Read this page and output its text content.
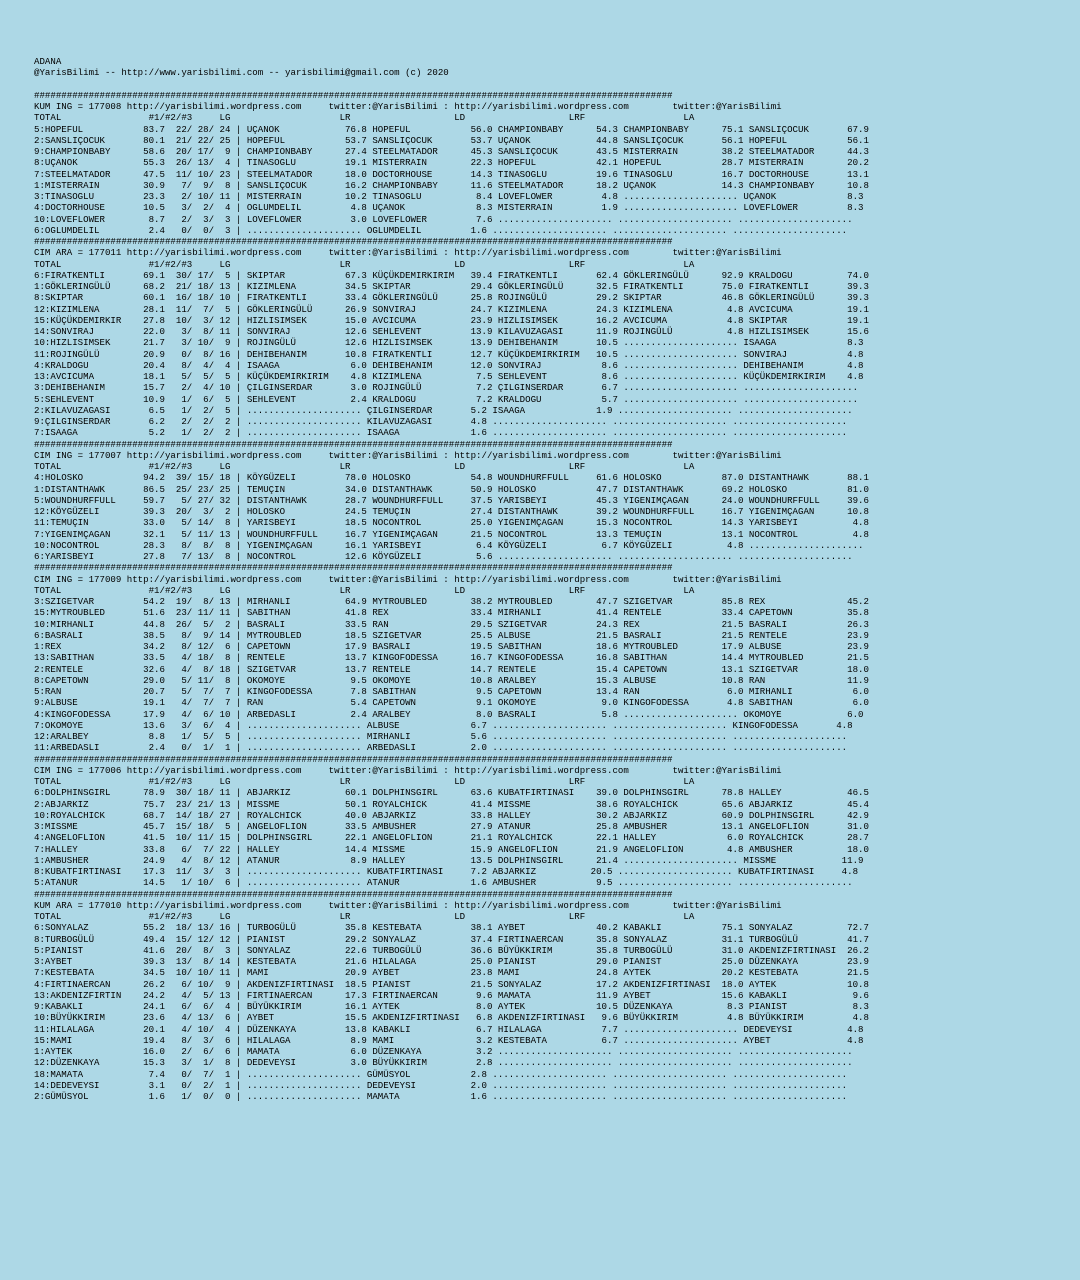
ADANA
@YarisBilimi -- http://www.yarisbilimi.com -- yarisbilimi@gmail.com (c) 2020
#####################################################################################################################
KUM ING = 177008 http://yarisbilimi.wordpress.com     twitter:@YarisBilimi : http://yarisbilimi.wordpress.com        twitter:@YarisBilimi
TOTAL                #1/#2/#3     LG                    LR                   LD                   LRF                  LA
5:HOPEFUL           83.7  22/ 28/ 24 | UÇANOK            76.8 HOPEFUL           56.0 CHAMPIONBABY      54.3 CHAMPIONBABY      75.1 SANSLIÇOCUK       67.9
2:SANSLIÇOCUK       80.1  21/ 22/ 25 | HOPEFUL           53.7 SANSLIÇOCUK       53.7 UÇANOK            44.8 SANSLIÇOCUK       56.1 HOPEFUL           56.1
9:CHAMPIONBABY      58.6  20/ 17/  9 | CHAMPIONBABY      27.4 STEELMATADOR      45.3 SANSLIÇOCUK       43.5 MISTERRAIN        38.2 STEELMATADOR      44.3
8:UÇANOK            55.3  26/ 13/  4 | TINASOGLU         19.1 MISTERRAIN        22.3 HOPEFUL           42.1 HOPEFUL           28.7 MISTERRAIN        20.2
7:STEELMATADOR      47.5  11/ 10/ 23 | STEELMATADOR      18.0 DOCTORHOUSE       14.3 TINASOGLU         19.6 TINASOGLU         16.7 DOCTORHOUSE       13.1
1:MISTERRAIN        30.9   7/  9/  8 | SANSLIÇOCUK       16.2 CHAMPIONBABY      11.6 STEELMATADOR      18.2 UÇANOK            14.3 CHAMPIONBABY      10.8
3:TINASOGLU         23.3   2/ 10/ 11 | MISTERRAIN        10.2 TINASOGLU          8.4 LOVEFLOWER         4.8 ..................... UÇANOK             8.3
4:DOCTORHOUSE       10.5   3/  2/  4 | OGLUMDELIL         4.8 UÇANOK             8.3 MISTERRAIN         1.9 ..................... LOVEFLOWER         8.3
10:LOVEFLOWER        8.7   2/  3/  3 | LOVEFLOWER         3.0 LOVEFLOWER         7.6 ..................... ..................... .....................
6:OGLUMDELIL         2.4   0/  0/  3 | ..................... OGLUMDELIL         1.6 ..................... ..................... .....................
#####################################################################################################################
CIM ARA = 177011 http://yarisbilimi.wordpress.com     twitter:@YarisBilimi : http://yarisbilimi.wordpress.com        twitter:@YarisBilimi
TOTAL                #1/#2/#3     LG                    LR                   LD                   LRF                  LA
6:FIRATKENTLI       69.1  30/ 17/  5 | SKIPTAR           67.3 KÜÇÜKDEMIRKIRIM   39.4 FIRATKENTLI       62.4 GÖKLERINGÜLÜ      92.9 KRALDOGU          74.0
1:GÖKLERINGÜLÜ      68.2  21/ 18/ 13 | KIZIMLENA         34.5 SKIPTAR           29.4 GÖKLERINGÜLÜ      32.5 FIRATKENTLI       75.0 FIRATKENTLI       39.3
8:SKIPTAR           60.1  16/ 18/ 10 | FIRATKENTLI       33.4 GÖKLERINGÜLÜ      25.8 ROJINGÜLÜ         29.2 SKIPTAR           46.8 GÖKLERINGÜLÜ      39.3
12:KIZIMLENA        28.1  11/  7/  5 | GÖKLERINGÜLÜ      26.9 SONVIRAJ          24.7 KIZIMLENA         24.3 KIZIMLENA          4.8 AVCICUMA          19.1
15:KÜÇÜKDEMIRKIR    27.8  10/  3/ 12 | HIZLISIMSEK       15.0 AVCICUMA          23.9 HIZLISIMSEK       16.2 AVCICUMA           4.8 SKIPTAR           19.1
14:SONVIRAJ         22.0   3/  8/ 11 | SONVIRAJ          12.6 SEHLEVENT         13.9 KILAVUZAGASI      11.9 ROJINGÜLÜ          4.8 HIZLISIMSEK       15.6
10:HIZLISIMSEK      21.7   3/ 10/  9 | ROJINGÜLÜ         12.6 HIZLISIMSEK       13.9 DEHIBEHANIM       10.5 ..................... ISAAGA             8.3
11:ROJINGÜLÜ        20.9   0/  8/ 16 | DEHIBEHANIM       10.8 FIRATKENTLI       12.7 KÜÇÜKDEMIRKIRIM   10.5 ..................... SONVIRAJ           4.8
4:KRALDOGU          20.4   8/  4/  4 | ISAAGA             6.0 DEHIBEHANIM       12.0 SONVIRAJ           8.6 ..................... DEHIBEHANIM        4.8
13:AVCICUMA         18.1   5/  5/  5 | KÜÇÜKDEMIRKIRIM    4.8 KIZIMLENA          7.5 SEHLEVENT          8.6 ..................... KÜÇÜKDEMIRKIRIM    4.8
3:DEHIBEHANIM       15.7   2/  4/ 10 | ÇILGINSERDAR       3.0 ROJINGÜLÜ          7.2 ÇILGINSERDAR       6.7 ..................... .....................
5:SEHLEVENT         10.9   1/  6/  5 | SEHLEVENT          2.4 KRALDOGU           7.2 KRALDOGU           5.7 ..................... .....................
2:KILAVUZAGASI       6.5   1/  2/  5 | ..................... ÇILGINSERDAR       5.2 ISAAGA             1.9 ..................... .....................
9:ÇILGINSERDAR       6.2   2/  2/  2 | ..................... KILAVUZAGASI       4.8 ..................... ..................... .....................
7:ISAAGA             5.2   1/  2/  2 | ..................... ISAAGA             1.6 ..................... ..................... .....................
#####################################################################################################################
CIM ING = 177007 http://yarisbilimi.wordpress.com     twitter:@YarisBilimi : http://yarisbilimi.wordpress.com        twitter:@YarisBilimi
TOTAL                #1/#2/#3     LG                    LR                   LD                   LRF                  LA
4:HOLOSKO           94.2  39/ 15/ 18 | KÖYGÜZELI         78.0 HOLOSKO           54.8 WOUNDHURFFULL     61.6 HOLOSKO           87.0 DISTANTHAWK       88.1
1:DISTANTHAWK       86.5  25/ 23/ 25 | TEMUÇIN           34.0 DISTANTHAWK       50.9 HOLOSKO           47.7 DISTANTHAWK       69.2 HOLOSKO           81.0
5:WOUNDHURFFULL     59.7   5/ 27/ 32 | DISTANTHAWK       28.7 WOUNDHURFFULL     37.5 YARISBEYI         45.3 YIGENIMÇAGAN      24.0 WOUNDHURFFULL     39.6
12:KÖYGÜZELI        39.3  20/  3/  2 | HOLOSKO           24.5 TEMUÇIN           27.4 DISTANTHAWK       39.2 WOUNDHURFFULL     16.7 YIGENIMÇAGAN      10.8
11:TEMUÇIN          33.0   5/ 14/  8 | YARISBEYI         18.5 NOCONTROL         25.0 YIGENIMÇAGAN      15.3 NOCONTROL         14.3 YARISBEYI          4.8
7:YIGENIMÇAGAN      32.1   5/ 11/ 13 | WOUNDHURFFULL     16.7 YIGENIMÇAGAN      21.5 NOCONTROL         13.3 TEMUÇIN           13.1 NOCONTROL          4.8
10:NOCONTROL        28.3   8/  8/  8 | YIGENIMÇAGAN      16.1 YARISBEYI          6.4 KÖYGÜZELI          6.7 KÖYGÜZELI          4.8 .....................
6:YARISBEYI         27.8   7/ 13/  8 | NOCONTROL         12.6 KÖYGÜZELI          5.6 ..................... ..................... .....................
#####################################################################################################################
CIM ING = 177009 http://yarisbilimi.wordpress.com     twitter:@YarisBilimi : http://yarisbilimi.wordpress.com        twitter:@YarisBilimi
TOTAL                #1/#2/#3     LG                    LR                   LD                   LRF                  LA
3:SZIGETVAR         54.2  19/  8/ 13 | MIRHANLI          64.9 MYTROUBLED        38.2 MYTROUBLED        47.7 SZIGETVAR         85.8 REX               45.2
15:MYTROUBLED       51.6  23/ 11/ 11 | SABITHAN          41.8 REX               33.4 MIRHANLI          41.4 RENTELE           33.4 CAPETOWN          35.8
10:MIRHANLI         44.8  26/  5/  2 | BASRALI           33.5 RAN               29.5 SZIGETVAR         24.3 REX               21.5 BASRALI           26.3
6:BASRALI           38.5   8/  9/ 14 | MYTROUBLED        18.5 SZIGETVAR         25.5 ALBUSE            21.5 BASRALI           21.5 RENTELE           23.9
1:REX               34.2   8/ 12/  6 | CAPETOWN          17.9 BASRALI           19.5 SABITHAN          18.6 MYTROUBLED        17.9 ALBUSE            23.9
13:SABITHAN         33.5   4/ 18/  8 | RENTELE           13.7 KINGOFODESSA      16.7 KINGOFODESSA      16.8 SABITHAN          14.4 MYTROUBLED        21.5
2:RENTELE           32.6   4/  8/ 18 | SZIGETVAR         13.7 RENTELE           14.7 RENTELE           15.4 CAPETOWN          13.1 SZIGETVAR         18.0
8:CAPETOWN          29.0   5/ 11/  8 | OKOMOYE            9.5 OKOMOYE           10.8 ARALBEY           15.3 ALBUSE            10.8 RAN               11.9
5:RAN               20.7   5/  7/  7 | KINGOFODESSA       7.8 SABITHAN           9.5 CAPETOWN          13.4 RAN                6.0 MIRHANLI           6.0
9:ALBUSE            19.1   4/  7/  7 | RAN                5.4 CAPETOWN           9.1 OKOMOYE            9.0 KINGOFODESSA       4.8 SABITHAN           6.0
4:KINGOFODESSA      17.9   4/  6/ 10 | ARBEDASLI          2.4 ARALBEY            8.0 BASRALI            5.8 ..................... OKOMOYE            6.0
7:OKOMOYE           13.6   3/  6/  4 | ..................... ALBUSE             6.7 ..................... ..................... KINGOFODESSA       4.8
12:ARALBEY           8.8   1/  5/  5 | ..................... MIRHANLI           5.6 ..................... ..................... .....................
11:ARBEDASLI         2.4   0/  1/  1 | ..................... ARBEDASLI          2.0 ..................... ..................... .....................
#####################################################################################################################
CIM ING = 177006 http://yarisbilimi.wordpress.com     twitter:@YarisBilimi : http://yarisbilimi.wordpress.com        twitter:@YarisBilimi
TOTAL                #1/#2/#3     LG                    LR                   LD                   LRF                  LA
6:DOLPHINSGIRL      78.9  30/ 18/ 11 | ABJARKIZ          60.1 DOLPHINSGIRL      63.6 KUBATFIRTINASI    39.0 DOLPHINSGIRL      78.8 HALLEY            46.5
2:ABJARKIZ          75.7  23/ 21/ 13 | MISSME            50.1 ROYALCHICK        41.4 MISSME            38.6 ROYALCHICK        65.6 ABJARKIZ          45.4
10:ROYALCHICK       68.7  14/ 18/ 27 | ROYALCHICK        40.0 ABJARKIZ          33.8 HALLEY            30.2 ABJARKIZ          60.9 DOLPHINSGIRL      42.9
3:MISSME            45.7  15/ 18/  5 | ANGELOFLION       33.5 AMBUSHER          27.9 ATANUR            25.8 AMBUSHER          13.1 ANGELOFLION       31.0
4:ANGELOFLION       41.5  10/ 11/ 15 | DOLPHINSGIRL      22.1 ANGELOFLION       21.1 ROYALCHICK        22.1 HALLEY             6.0 ROYALCHICK        28.7
7:HALLEY            33.8   6/  7/ 22 | HALLEY            14.4 MISSME            15.9 ANGELOFLION       21.9 ANGELOFLION        4.8 AMBUSHER          18.0
1:AMBUSHER          24.9   4/  8/ 12 | ATANUR             8.9 HALLEY            13.5 DOLPHINSGIRL      21.4 ..................... MISSME            11.9
8:KUBATFIRTINASI    17.3  11/  3/  3 | ..................... KUBATFIRTINASI     7.2 ABJARKIZ          20.5 ..................... KUBATFIRTINASI     4.8
5:ATANUR            14.5   1/ 10/  6 | ..................... ATANUR             1.6 AMBUSHER           9.5 ..................... .....................
#####################################################################################################################
KUM ARA = 177010 http://yarisbilimi.wordpress.com     twitter:@YarisBilimi : http://yarisbilimi.wordpress.com        twitter:@YarisBilimi
TOTAL                #1/#2/#3     LG                    LR                   LD                   LRF                  LA
6:SONYALAZ          55.2  18/ 13/ 16 | TURBOGÜLÜ         35.8 KESTEBATA         38.1 AYBET             40.2 KABAKLI           75.1 SONYALAZ          72.7
8:TURBOGÜLÜ         49.4  15/ 12/ 12 | PIANIST           29.2 SONYALAZ          37.4 FIRTINAERCAN      35.8 SONYALAZ          31.1 TURBOGÜLÜ         41.7
5:PIANIST           41.6  20/  8/  3 | SONYALAZ          22.6 TURBOGÜLÜ         36.6 BÜYÜKKIRIM        35.8 TURBOGÜLÜ         31.0 AKDENIZFIRTINASI  26.2
3:AYBET             39.3  13/  8/ 14 | KESTEBATA         21.6 HILALAGA          25.0 PIANIST           29.0 PIANIST           25.0 DÜZENKAYA         23.9
7:KESTEBATA         34.5  10/ 10/ 11 | MAMI              20.9 AYBET             23.8 MAMI              24.8 AYTEK             20.2 KESTEBATA         21.5
4:FIRTINAERCAN      26.2   6/ 10/  9 | AKDENIZFIRTINASI  18.5 PIANIST           21.5 SONYALAZ          17.2 AKDENIZFIRTINASI  18.0 AYTEK             10.8
13:AKDENIZFIRTIN    24.2   4/  5/ 13 | FIRTINAERCAN      17.3 FIRTINAERCAN       9.6 MAMATA            11.9 AYBET             15.6 KABAKLI            9.6
9:KABAKLI           24.1   6/  6/  4 | BÜYÜKKIRIM        16.1 AYTEK              8.0 AYTEK             10.5 DÜZENKAYA          8.3 PIANIST            8.3
10:BÜYÜKKIRIM       23.6   4/ 13/  6 | AYBET             15.5 AKDENIZFIRTINASI   6.8 AKDENIZFIRTINASI   9.6 BÜYÜKKIRIM         4.8 BÜYÜKKIRIM         4.8
11:HILALAGA         20.1   4/ 10/  4 | DÜZENKAYA         13.8 KABAKLI            6.7 HILALAGA           7.7 ..................... DEDEVEYSI          4.8
15:MAMI             19.4   8/  3/  6 | HILALAGA           8.9 MAMI               3.2 KESTEBATA          6.7 ..................... AYBET              4.8
1:AYTEK             16.0   2/  6/  6 | MAMATA             6.0 DÜZENKAYA          3.2 ..................... ..................... .....................
12:DÜZENKAYA        15.3   3/  1/  8 | DEDEVEYSI          3.0 BÜYÜKKIRIM         2.8 ..................... ..................... .....................
18:MAMATA            7.4   0/  7/  1 | ..................... GÜMÜSYOL           2.8 ..................... ..................... .....................
14:DEDEVEYSI         3.1   0/  2/  1 | ..................... DEDEVEYSI          2.0 ..................... ..................... .....................
2:GÜMÜSYOL           1.6   1/  0/  0 | ..................... MAMATA             1.6 ..................... ..................... .....................
